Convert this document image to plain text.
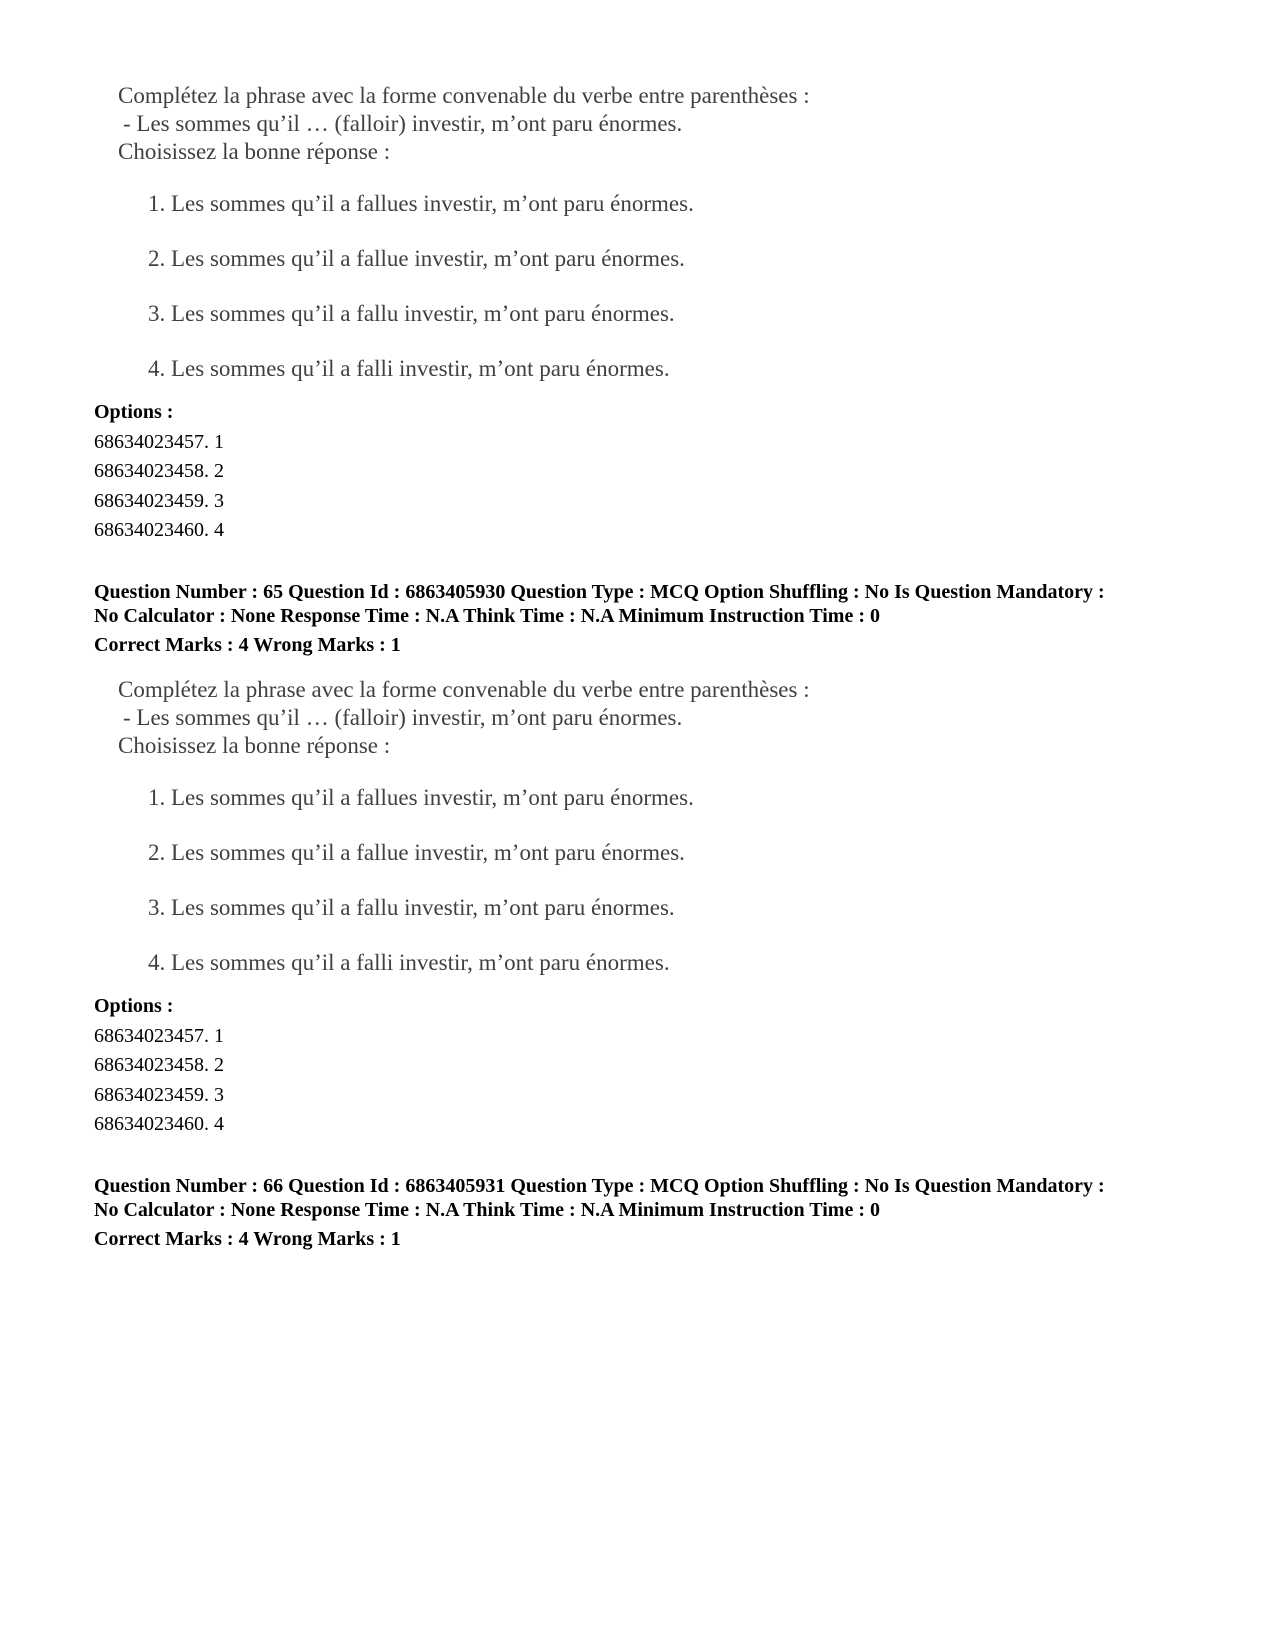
Complétez la phrase avec la forme convenable du verbe entre parenthèses :
- Les sommes qu’il … (falloir) investir, m’ont paru énormes.
Choisissez la bonne réponse :
1. Les sommes qu’il a fallues investir, m’ont paru énormes.
2. Les sommes qu’il a fallue investir, m’ont paru énormes.
3. Les sommes qu’il a fallu investir, m’ont paru énormes.
4. Les sommes qu’il a falli investir, m’ont paru énormes.
Options :
68634023457. 1
68634023458. 2
68634023459. 3
68634023460. 4
Question Number : 65 Question Id : 6863405930 Question Type : MCQ Option Shuffling : No Is Question Mandatory :
No Calculator : None Response Time : N.A Think Time : N.A Minimum Instruction Time : 0
Correct Marks : 4 Wrong Marks : 1
Complétez la phrase avec la forme convenable du verbe entre parenthèses :
- Les sommes qu’il … (falloir) investir, m’ont paru énormes.
Choisissez la bonne réponse :
1. Les sommes qu’il a fallues investir, m’ont paru énormes.
2. Les sommes qu’il a fallue investir, m’ont paru énormes.
3. Les sommes qu’il a fallu investir, m’ont paru énormes.
4. Les sommes qu’il a falli investir, m’ont paru énormes.
Options :
68634023457. 1
68634023458. 2
68634023459. 3
68634023460. 4
Question Number : 66 Question Id : 6863405931 Question Type : MCQ Option Shuffling : No Is Question Mandatory :
No Calculator : None Response Time : N.A Think Time : N.A Minimum Instruction Time : 0
Correct Marks : 4 Wrong Marks : 1
